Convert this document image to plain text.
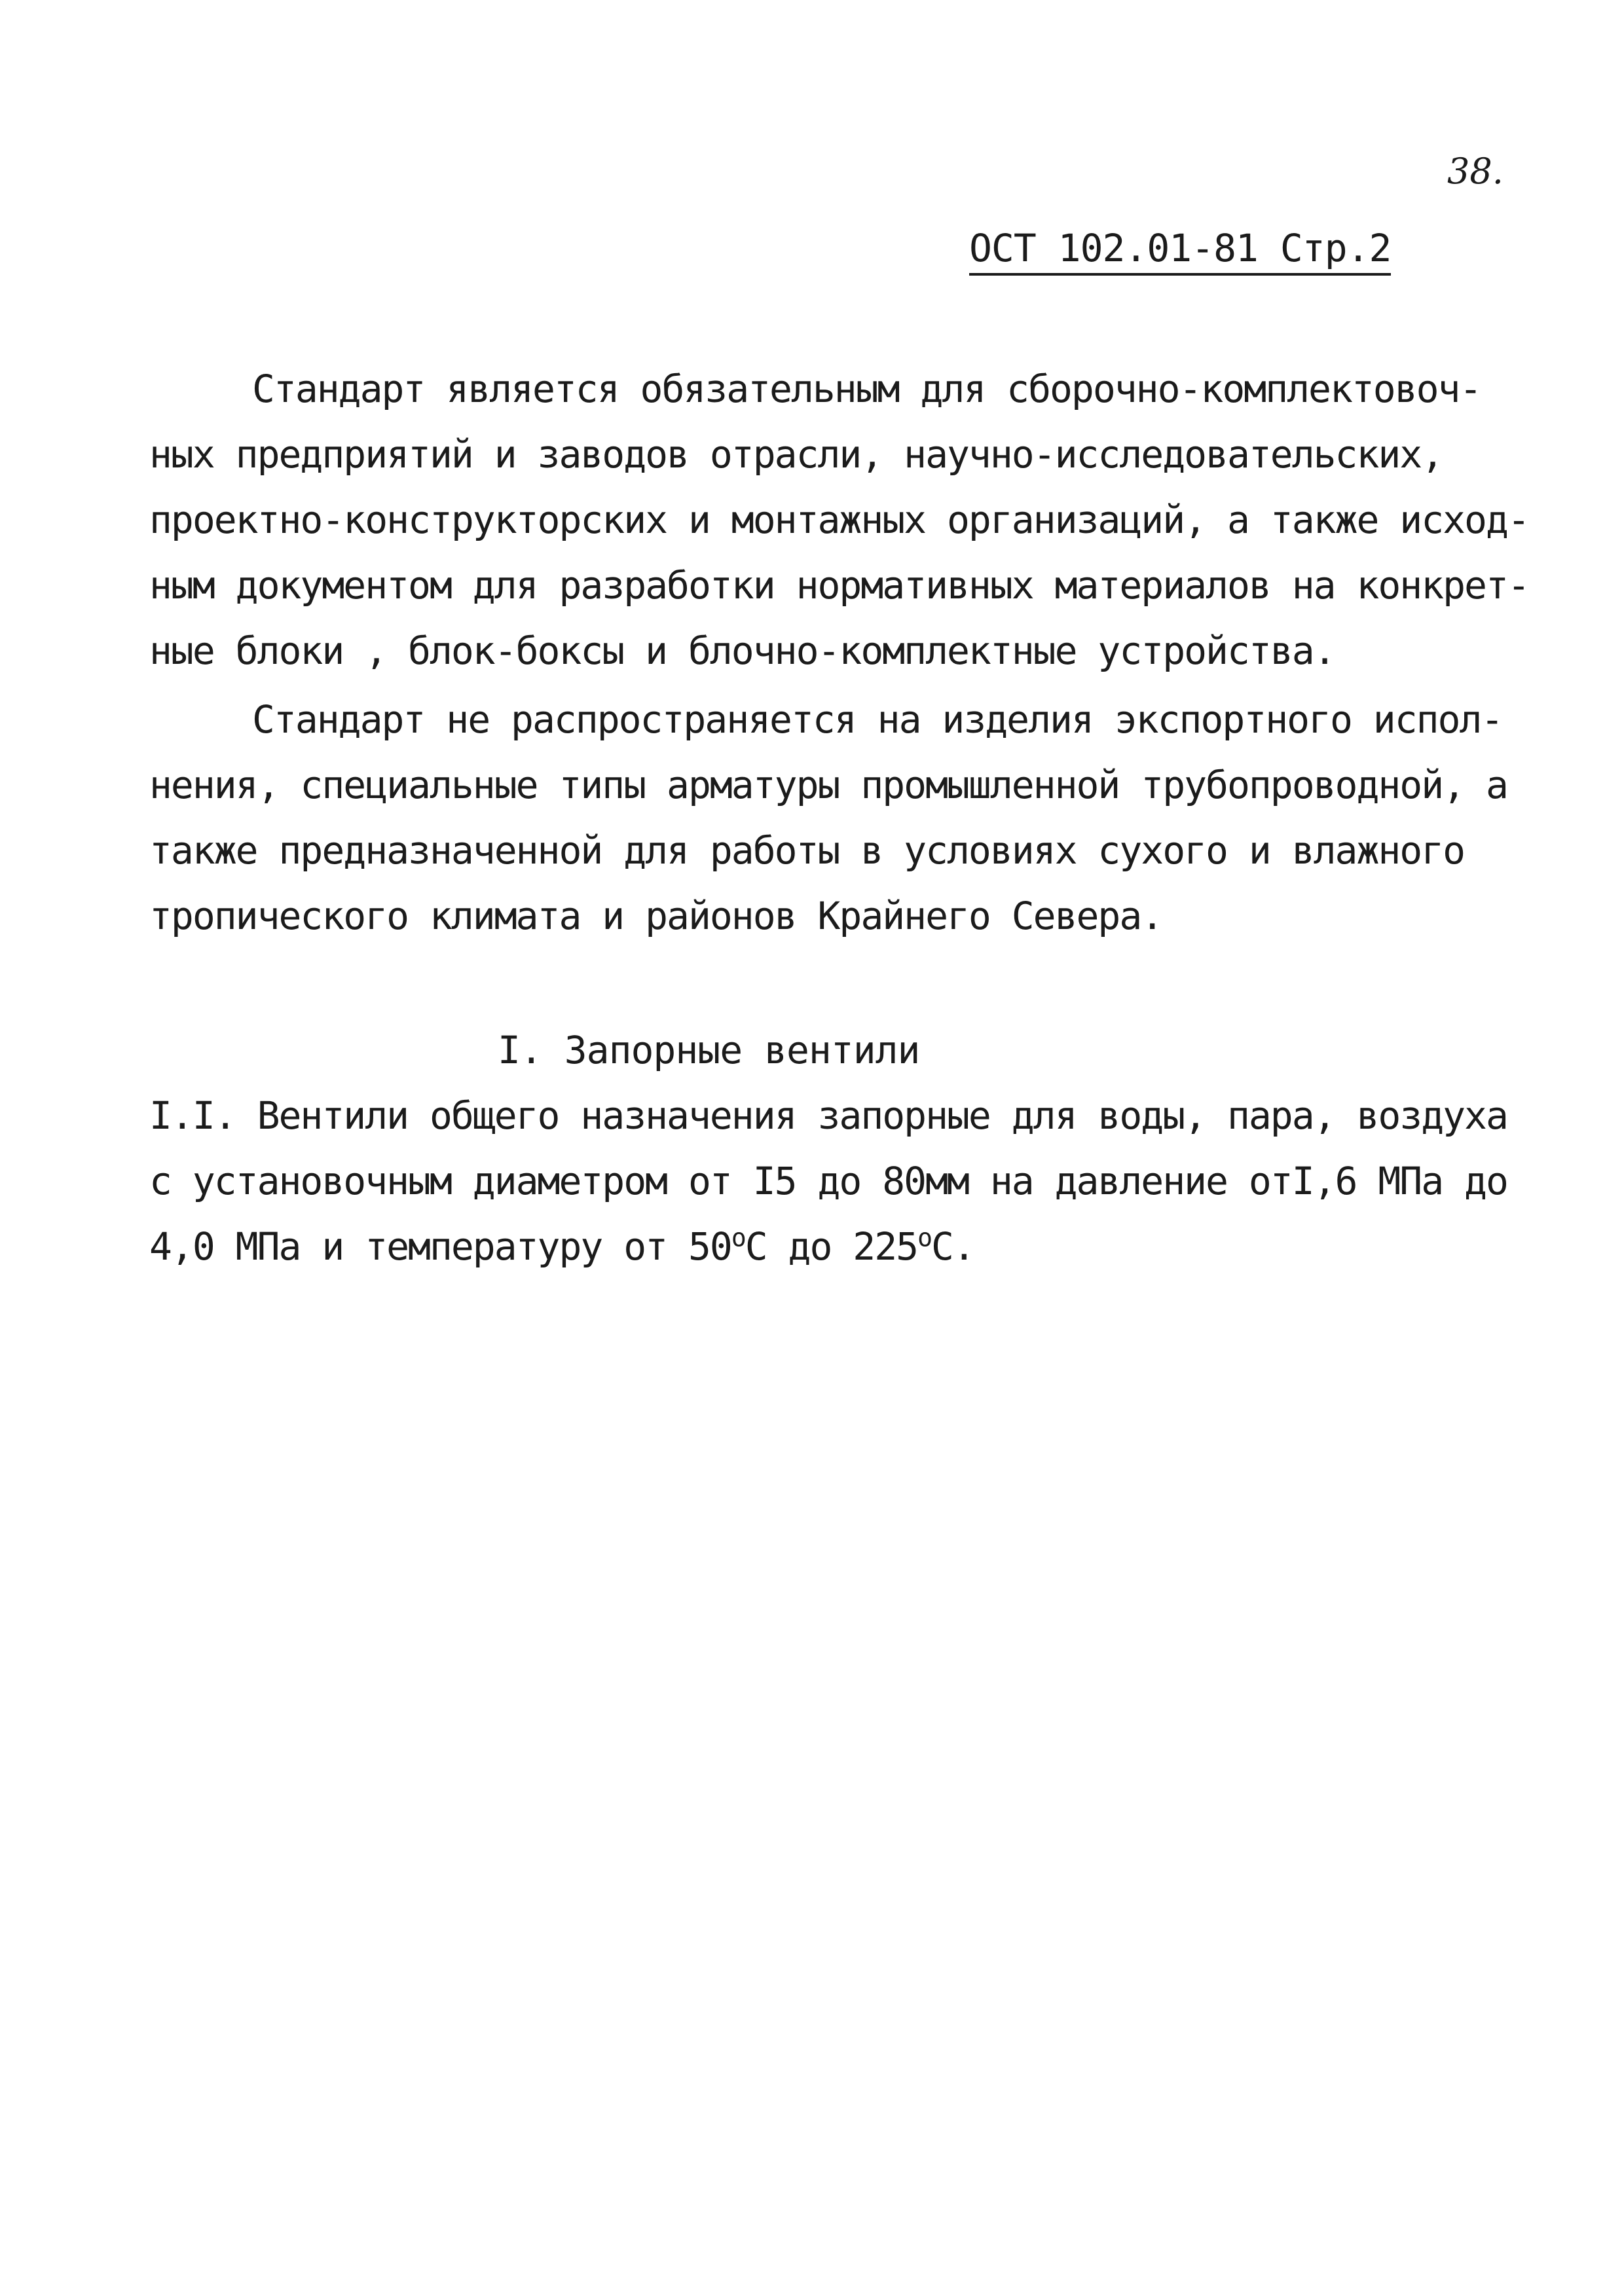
38.
ОСТ 102.01-81 Стр.2
Стандарт является обязательным для сборочно-комплектовоч-
ных предприятий и заводов отрасли, научно-исследовательских,
проектно-конструкторских и монтажных организаций, а также исход-
ным документом для разработки нормативных материалов на конкрет-
ные блоки , блок-боксы и блочно-комплектные устройства.
Стандарт не распространяется на изделия экспортного испол-
нения, специальные типы арматуры промышленной трубопроводной, а
также предназначенной для работы в условиях сухого и влажного
тропического климата и районов Крайнего Севера.
I. Запорные вентили
I.I. Вентили общего назначения запорные для воды, пара, воздуха
с установочным диаметром от I5 до 80мм на давление отI,6 МПа до
4,0 МПа и температуру от $50^оС$ до $225^оС$.
